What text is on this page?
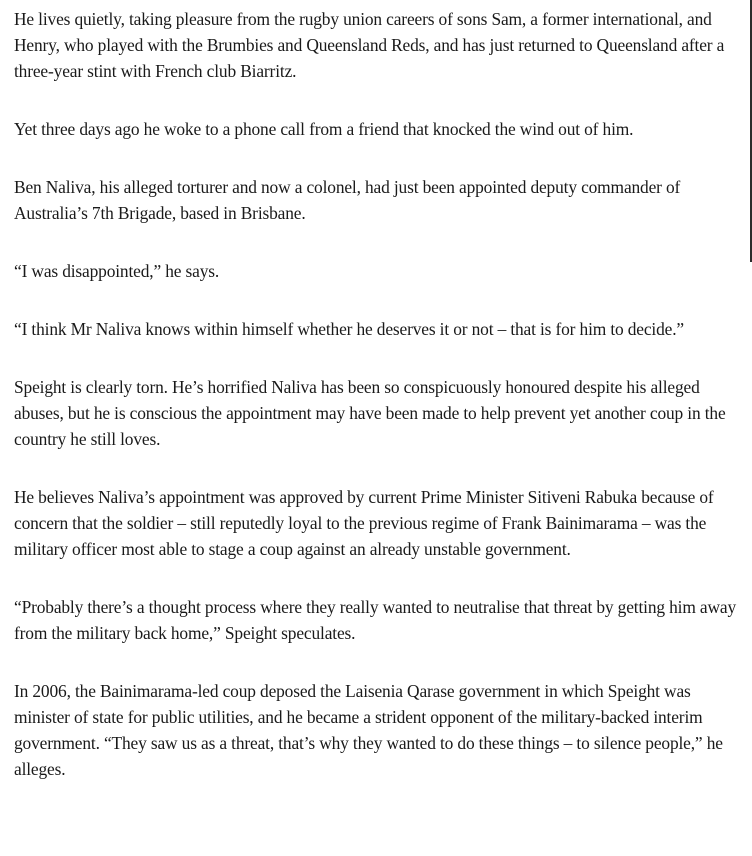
He lives quietly, taking pleasure from the rugby union careers of sons Sam, a former international, and Henry, who played with the Brumbies and Queensland Reds, and has just returned to Queensland after a three-year stint with French club Biarritz.

Yet three days ago he woke to a phone call from a friend that knocked the wind out of him.

Ben Naliva, his alleged torturer and now a colonel, had just been appointed deputy commander of Australia’s 7th Brigade, based in Brisbane.

“I was disappointed,” he says.

“I think Mr Naliva knows within himself whether he deserves it or not – that is for him to decide.”

Speight is clearly torn. He’s horrified Naliva has been so conspicuously honoured despite his alleged abuses, but he is conscious the appointment may have been made to help prevent yet another coup in the country he still loves.

He believes Naliva’s appointment was approved by current Prime Minister Sitiveni Rabuka because of concern that the soldier – still reputedly loyal to the previous regime of Frank Bainimarama – was the military officer most able to stage a coup against an already unstable government.

“Probably there’s a thought process where they really wanted to neutralise that threat by getting him away from the military back home,” Speight speculates.

In 2006, the Bainimarama-led coup deposed the Laisenia Qarase government in which Speight was minister of state for public utilities, and he became a strident opponent of the military-backed interim government. “They saw us as a threat, that’s why they wanted to do these things – to silence people,” he alleges.
